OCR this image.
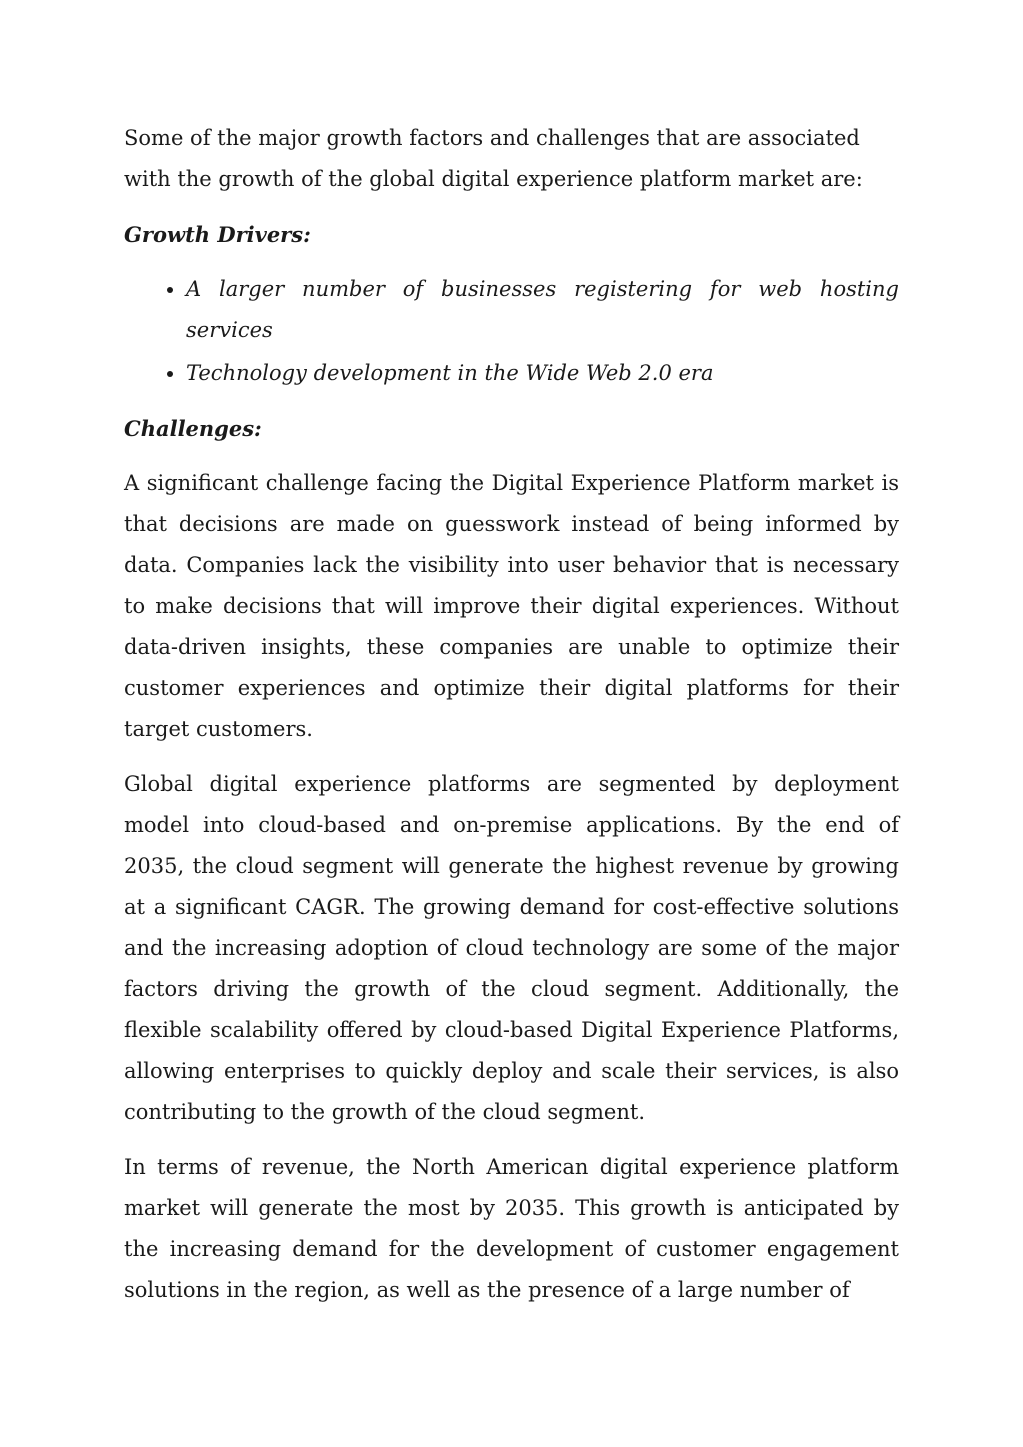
Some of the major growth factors and challenges that are associated with the growth of the global digital experience platform market are:

Growth Drivers:
• A larger number of businesses registering for web hosting services
• Technology development in the Wide Web 2.0 era
Challenges:

A significant challenge facing the Digital Experience Platform market is that decisions are made on guesswork instead of being informed by data. Companies lack the visibility into user behavior that is necessary to make decisions that will improve their digital experiences. Without data-driven insights, these companies are unable to optimize their customer experiences and optimize their digital platforms for their target customers.

Global digital experience platforms are segmented by deployment model into cloud-based and on-premise applications. By the end of 2035, the cloud segment will generate the highest revenue by growing at a significant CAGR. The growing demand for cost-effective solutions and the increasing adoption of cloud technology are some of the major factors driving the growth of the cloud segment. Additionally, the flexible scalability offered by cloud-based Digital Experience Platforms, allowing enterprises to quickly deploy and scale their services, is also contributing to the growth of the cloud segment.

In terms of revenue, the North American digital experience platform market will generate the most by 2035. This growth is anticipated by the increasing demand for the development of customer engagement solutions in the region, as well as the presence of a large number of
